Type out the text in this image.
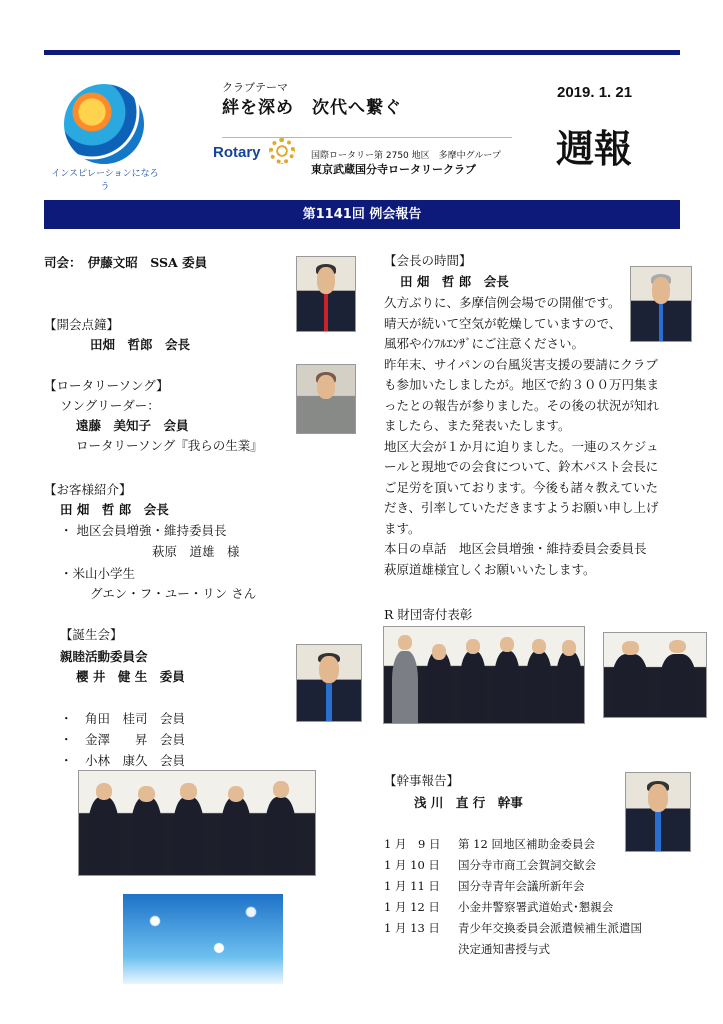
インスピレーションになろう
クラブテーマ
絆を深め　次代へ繋ぐ
Rotary	国際ロータリー第 2750 地区　多摩中グループ
東京武蔵国分寺ロータリークラブ
2019. 1. 21
週報
第1141回 例会報告
司会：　伊藤文昭　SSA 委員
【開会点鐘】
田畑　哲郎　会長
【ロータリーソング】
ソングリーダー：
遠藤　美知子　会員
ロータリーソング『我らの生業』
【お客様紹介】
田 畑　哲 郎　会長
・ 地区会員増強・維持委員長
萩原　道雄　様
・米山小学生
グエン・フ・ユー・リン さん
【誕生会】
親睦活動委員会
櫻 井　健 生　委員
・　角田　桂司　会員
・　金澤　　昇　会員
・　小林　康久　会員
【会長の時間】
田 畑　哲 郎　会長
久方ぶりに、多摩信例会場での開催です。
晴天が続いて空気が乾燥していますので、
風邪やｲﾝﾌﾙｴﾝｻﾞにご注意ください。
昨年末、サイパンの台風災害支援の要請にクラブ
も参加いたしましたが。地区で約３００万円集ま
ったとの報告が参りました。その後の状況が知れ
ましたら、また発表いたします。
地区大会が１か月に迫りました。一連のスケジュ
ールと現地での会食について、鈴木パスト会長に
ご足労を頂いております。今後も諸々教えていた
だき、引率していただきますようお願い申し上げ
ます。
本日の卓話　地区会員増強・維持委員会委員長
萩原道雄様宜しくお願いいたします。
R 財団寄付表彰
【幹事報告】
浅 川　直 行　幹事
1 月　9 日 第 12 回地区補助金委員会
1 月 10 日 国分寺市商工会賀詞交歓会
1 月 11 日 国分寺青年会議所新年会
1 月 12 日 小金井警察署武道始式･懇親会
1 月 13 日 青少年交換委員会派遣候補生派遣国
決定通知書授与式
